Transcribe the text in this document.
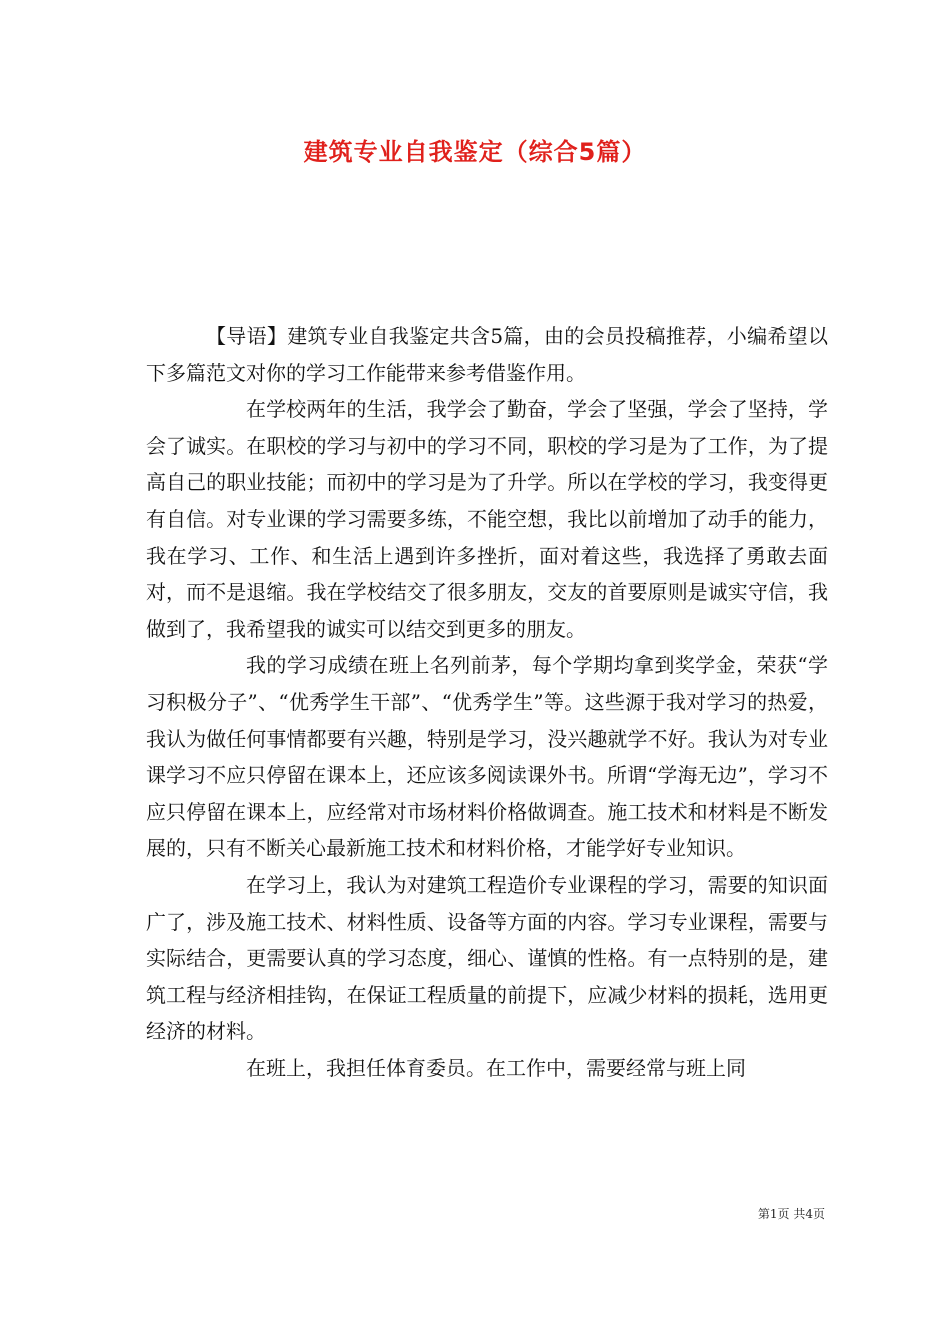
建筑专业自我鉴定（综合5篇）

【导语】建筑专业自我鉴定共含5篇，由的会员投稿推荐，小编希望以下多篇范文对你的学习工作能带来参考借鉴作用。

在学校两年的生活，我学会了勤奋，学会了坚强，学会了坚持，学会了诚实。在职校的学习与初中的学习不同，职校的学习是为了工作，为了提高自己的职业技能；而初中的学习是为了升学。所以在学校的学习，我变得更有自信。对专业课的学习需要多练，不能空想，我比以前增加了动手的能力，我在学习、工作、和生活上遇到许多挫折，面对着这些，我选择了勇敢去面对，而不是退缩。我在学校结交了很多朋友，交友的首要原则是诚实守信，我做到了，我希望我的诚实可以结交到更多的朋友。

我的学习成绩在班上名列前茅，每个学期均拿到奖学金，荣获“学习积极分子”、“优秀学生干部”、“优秀学生”等。这些源于我对学习的热爱，我认为做任何事情都要有兴趣，特别是学习，没兴趣就学不好。我认为对专业课学习不应只停留在课本上，还应该多阅读课外书。所谓“学海无边”，学习不应只停留在课本上，应经常对市场材料价格做调查。施工技术和材料是不断发展的，只有不断关心最新施工技术和材料价格，才能学好专业知识。

在学习上，我认为对建筑工程造价专业课程的学习，需要的知识面广了，涉及施工技术、材料性质、设备等方面的内容。学习专业课程，需要与实际结合，更需要认真的学习态度，细心、谨慎的性格。有一点特别的是，建筑工程与经济相挂钩，在保证工程质量的前提下，应减少材料的损耗，选用更经济的材料。

在班上，我担任体育委员。在工作中，需要经常与班上同

第1页 共4页
